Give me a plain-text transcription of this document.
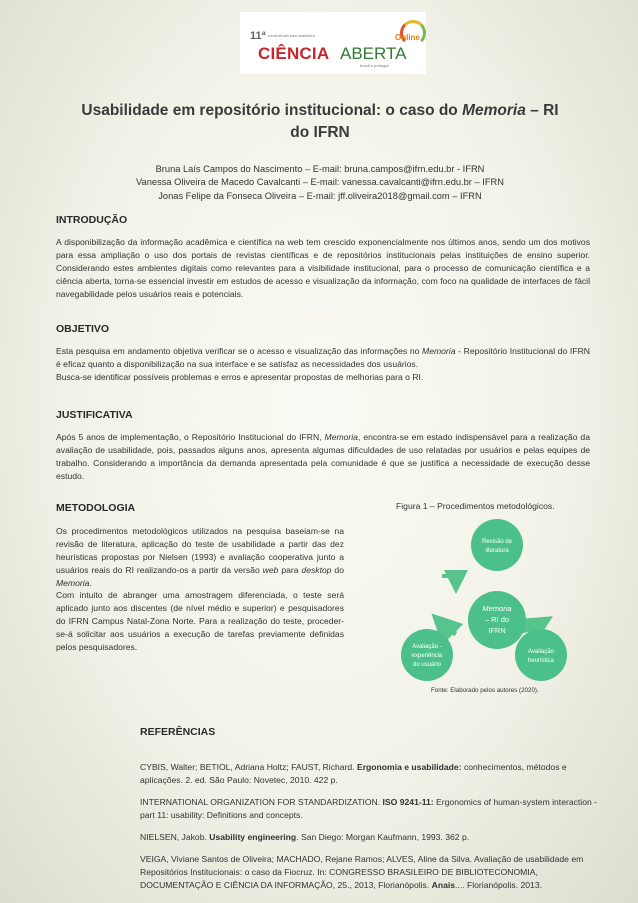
11ª conferência luso-brasileira	Online
CIÊNCIA ABERTA
brasil e portugal
Usabilidade em repositório institucional: o caso do Memoria – RI do IFRN
Bruna Laís Campos do Nascimento – E-mail: bruna.campos@ifrn.edu.br - IFRN
Vanessa Oliveira de Macedo Cavalcanti – E-mail: vanessa.cavalcanti@ifrn.edu.br – IFRN
Jonas Felipe da Fonseca Oliveira – E-mail: jff.oliveira2018@gmail.com – IFRN
INTRODUÇÃO
A disponibilização da informação acadêmica e científica na web tem crescido exponencialmente nos últimos anos, sendo um dos motivos para essa ampliação o uso dos portais de revistas científicas e de repositórios institucionais pelas instituições de ensino superior. Considerando estes ambientes digitais como relevantes para a visibilidade institucional, para o processo de comunicação científica e a ciência aberta, torna-se essencial investir em estudos de acesso e visualização da informação, com foco na qualidade de interfaces de fácil navegabilidade pelos usuários reais e potenciais.
OBJETIVO
Esta pesquisa em andamento objetiva verificar se o acesso e visualização das informações no Memoria - Repositório Institucional do IFRN é eficaz quanto a disponibilização na sua interface e se satisfaz as necessidades dos usuários.
Busca-se identificar possíveis problemas e erros e apresentar propostas de melhorias para o RI.
JUSTIFICATIVA
Após 5 anos de implementação, o Repositório Institucional do IFRN, Memoria, encontra-se em estado indispensável para a realização da avaliação de usabilidade, pois, passados alguns anos, apresenta algumas dificuldades de uso relatadas por usuários e pelas equipes de trabalho. Considerando a importância da demanda apresentada pela comunidade é que se justifica a necessidade de execução desse estudo.
METODOLOGIA
Os procedimentos metodológicos utilizados na pesquisa baseiam-se na revisão de literatura, aplicação do teste de usabilidade a partir das dez heurísticas propostas por Nielsen (1993) e avaliação cooperativa junto a usuários reais do RI realizando-os a partir da versão web para desktop do Memoria.
Com intuito de abranger uma amostragem diferenciada, o teste será aplicado junto aos discentes (de nível médio e superior) e pesquisadores do IFRN Campus Natal-Zona Norte. Para a realização do teste, proceder-se-á solicitar aos usuários a execução de tarefas previamente definidas pelos pesquisadores.
Figura 1 – Procedimentos metodológicos.
Memoria
– RI do
IFRN
Revisão de
literatura
Avaliação -
experiência
do usuário
Avaliação
heurística
Fonte: Elaborado pelos autores (2020).
REFERÊNCIAS
CYBIS, Walter; BETIOL, Adriana Holtz; FAUST, Richard. Ergonomia e usabilidade: conhecimentos, métodos e
aplicações. 2. ed. São Paulo: Novetec, 2010. 422 p.
INTERNATIONAL ORGANIZATION FOR STANDARDIZATION. ISO 9241-11: Ergonomics of human-system interaction -
part 11: usability: Definitions and concepts.
NIELSEN, Jakob. Usability engineering. San Diego: Morgan Kaufmann, 1993. 362 p.
VEIGA, Viviane Santos de Oliveira; MACHADO, Rejane Ramos; ALVES, Aline da Silva. Avaliação de usabilidade em
Repositórios Institucionais: o caso da Fiocruz. In: CONGRESSO BRASILEIRO DE BIBLIOTECONOMIA,
DOCUMENTAÇÃO E CIÊNCIA DA INFORMAÇÃO, 25., 2013, Florianópolis. Anais.... Florianópolis. 2013.
